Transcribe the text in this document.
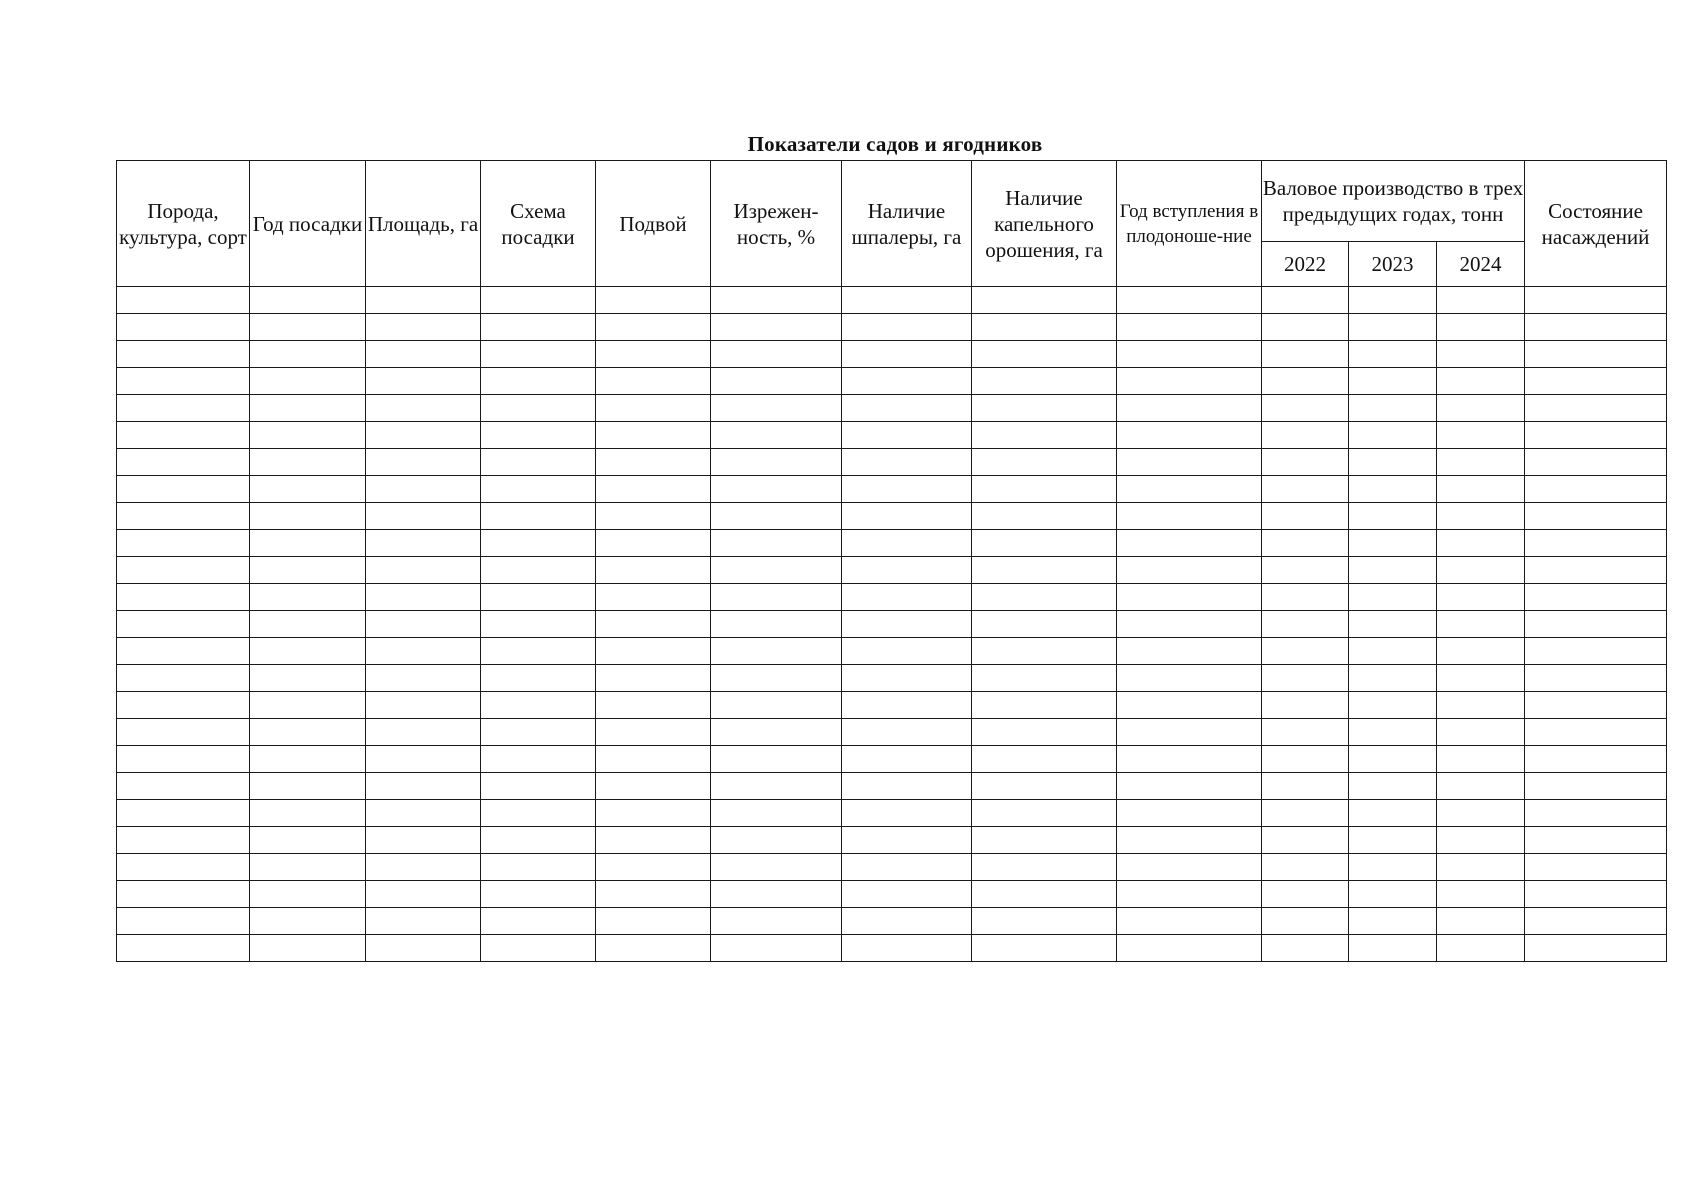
Показатели садов и ягодников
Порода, культура, сорт	Год посадки	Площадь, га	Схема посадки	Подвой	Изрежен-ность, %	Наличие шпалеры, га	Наличие капельного орошения, га	Год вступления в плодоноше-ние	Валовое производство в трех предыдущих годах, тонн			Состояние насаждений
									2022	2023	2024	
